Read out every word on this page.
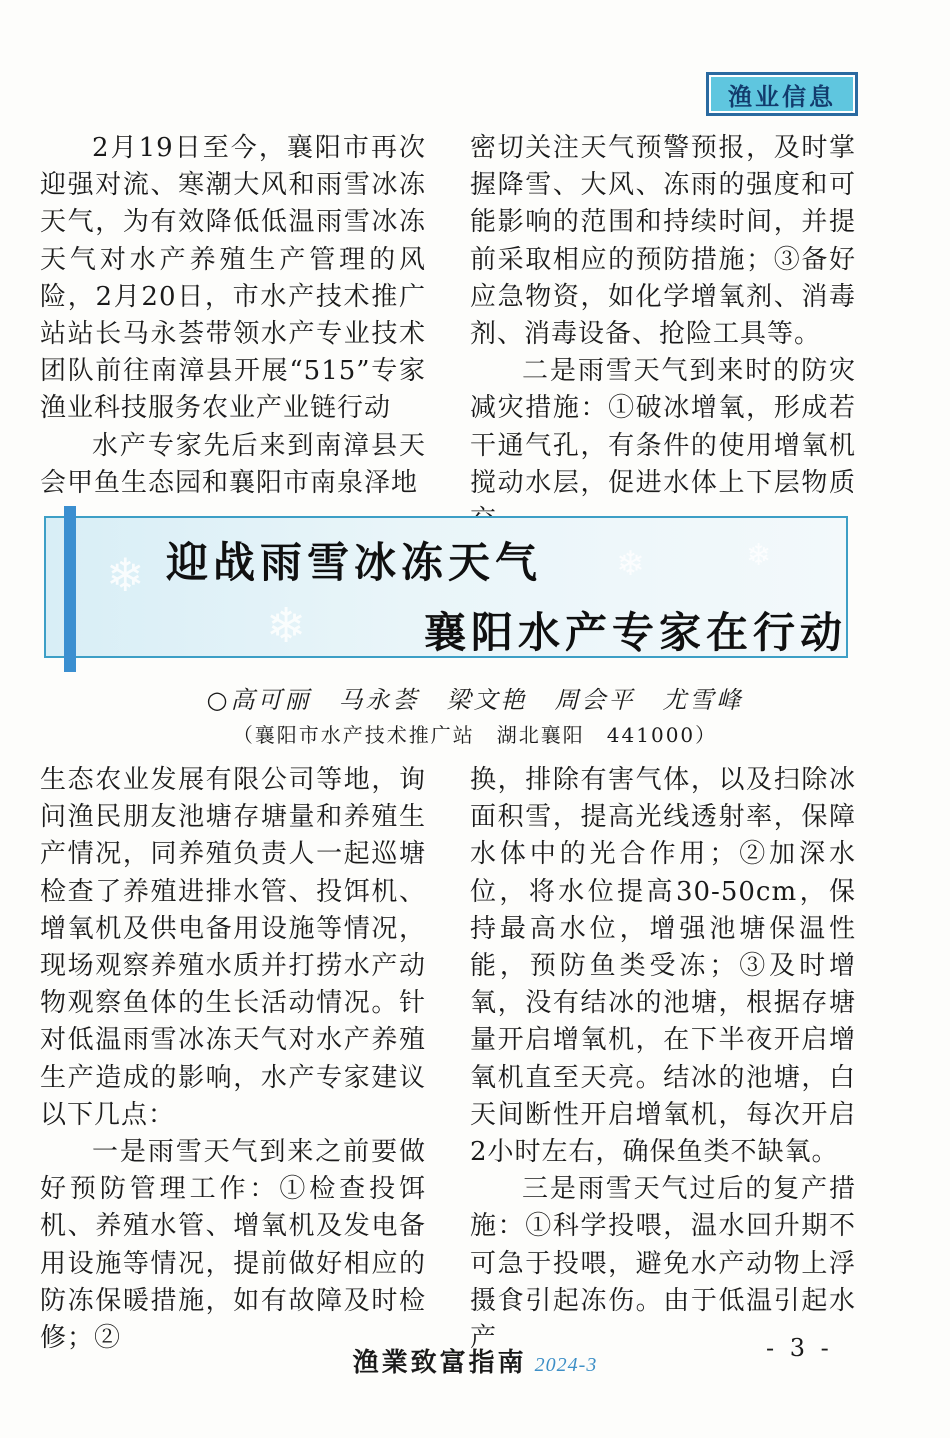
渔业信息

2月19日至今，襄阳市再次迎强对流、寒潮大风和雨雪冰冻天气，为有效降低低温雨雪冰冻天气对水产养殖生产管理的风险，2月20日，市水产技术推广站站长马永荟带领水产专业技术团队前往南漳县开展“515”专家渔业科技服务农业产业链行动

水产专家先后来到南漳县天会甲鱼生态园和襄阳市南泉泽地

密切关注天气预警预报，及时掌握降雪、大风、冻雨的强度和可能影响的范围和持续时间，并提前采取相应的预防措施；③备好应急物资，如化学增氧剂、消毒剂、消毒设备、抢险工具等。

二是雨雪天气到来时的防灾减灾措施：①破冰增氧，形成若干通气孔，有条件的使用增氧机搅动水层，促进水体上下层物质

❄
❄
❄	❄
迎战雨雪冰冻天气
襄阳水产专家在行动
○高可丽　马永荟　梁文艳　周会平　尤雪峰
（襄阳市水产技术推广站　湖北襄阳　441000）

生态农业发展有限公司等地，询问渔民朋友池塘存塘量和养殖生产情况，同养殖负责人一起巡塘检查了养殖进排水管、投饵机、增氧机及供电备用设施等情况，现场观察养殖水质并打捞水产动物观察鱼体的生长活动情况。针对低温雨雪冰冻天气对水产养殖生产造成的影响，水产专家建议以下几点：

一是雨雪天气到来之前要做好预防管理工作：①检查投饵机、养殖水管、增氧机及发电备用设施等情况，提前做好相应的防冻保暖措施，如有故障及时检修；②

换，排除有害气体，以及扫除冰面积雪，提高光线透射率，保障水体中的光合作用；②加深水位，将水位提高30-50cm，保持最高水位，增强池塘保温性能，预防鱼类受冻；③及时增氧，没有结冰的池塘，根据存塘量开启增氧机，在下半夜开启增氧机直至天亮。结冰的池塘，白天间断性开启增氧机，每次开启2小时左右，确保鱼类不缺氧。

三是雨雪天气过后的复产措施：①科学投喂，温水回升期不可急于投喂，避免水产动物上浮摄食引起冻伤。由于低温引起水产

渔業致富指南 2024-3
- 3 -
